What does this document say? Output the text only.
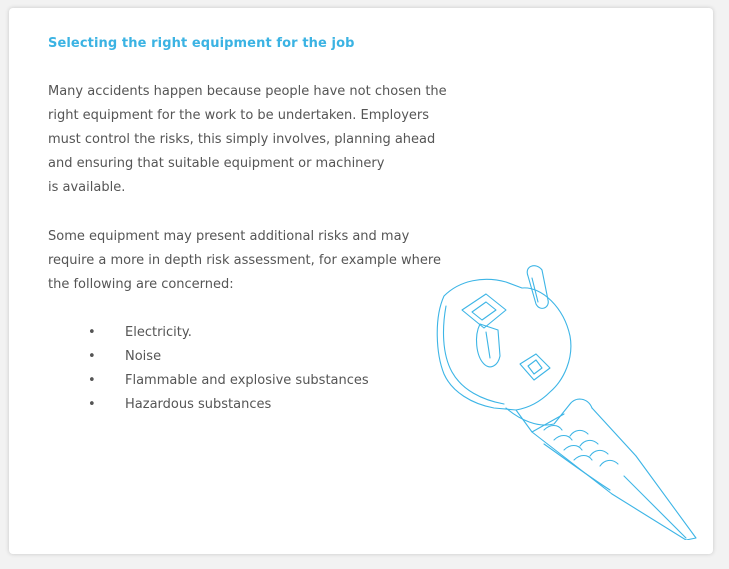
Selecting the right equipment for the job

Many accidents happen because people have not chosen the
right equipment for the work to be undertaken. Employers
must control the risks, this simply involves, planning ahead
and ensuring that suitable equipment or machinery
is available.

Some equipment may present additional risks and may
require a more in depth risk assessment, for example where
the following are concerned:

• Electricity.
• Noise
• Flammable and explosive substances
• Hazardous substances
